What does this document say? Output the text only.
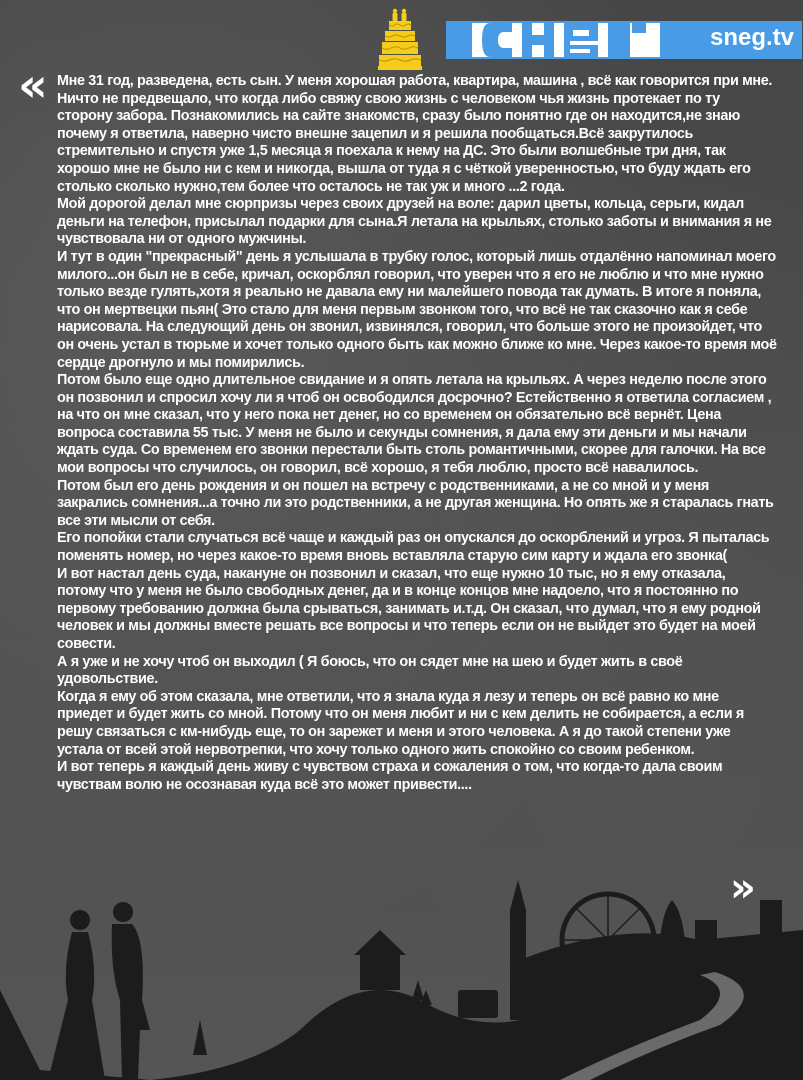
sneg.tv
« Мне 31 год, разведена, есть сын. У меня хорошая работа, квартира, машина , всё как говорится при мне.

Ничто не предвещало, что когда либо свяжу свою жизнь с человеком чья жизнь протекает по ту сторону забора. Познакомились на сайте знакомств, сразу было понятно где он находится,не знаю почему я ответила, наверно чисто внешне зацепил и я решила пообщаться.Всё закрутилось стремительно и спустя уже 1,5 месяца я поехала к нему на ДС. Это были волшебные три дня, так хорошо мне не было ни с кем и никогда, вышла от туда я с чёткой уверенностью, что буду ждать его столько сколько нужно,тем более что осталось не так уж и много ...2 года.

Мой дорогой делал мне сюрпризы через своих друзей на воле: дарил цветы, кольца, серьги, кидал деньги на телефон, присылал подарки для сына.Я летала на крыльях, столько заботы и внимания я не чувствовала ни от одного мужчины.

И тут в один "прекрасный" день я услышала в трубку голос, который лишь отдалённо напоминал моего милого...он был не в себе, кричал, оскорблял говорил, что уверен что я его не люблю и что мне нужно только везде гулять,хотя я реально не давала ему ни малейшего повода так думать. В итоге я поняла, что он мертвецки пьян( Это стало для меня первым звонком того, что всё не так сказочно как я себе нарисовала. На следующий день он звонил, извинялся, говорил, что больше этого не произойдет, что он очень устал в тюрьме и хочет только одного быть как можно ближе ко мне. Через какое-то время моё сердце дрогнуло и мы помирились.

Потом было еще одно длительное свидание и я опять летала на крыльях. А через неделю после этого он позвонил и спросил хочу ли я чтоб он освободился досрочно? Естейственно я ответила согласием , на что он мне сказал, что у него пока нет денег, но со временем он обязательно всё вернёт. Цена вопроса составила 55 тыс. У меня не было и секунды сомнения, я дала ему эти деньги и мы начали ждать суда. Со временем его звонки перестали быть столь романтичными, скорее для галочки. На все мои вопросы что случилось, он говорил, всё хорошо, я тебя люблю, просто всё навалилось.

Потом был его день рождения и он пошел на встречу с родственниками, а не со мной и у меня закрались сомнения...а точно ли это родственники, а не другая женщина. Но опять же я старалась гнать все эти мысли от себя.

Его попойки стали случаться всё чаще и каждый раз он опускался до оскорблений и угроз. Я пыталась поменять номер, но через какое-то время вновь вставляла старую сим карту и ждала его звонка(

И вот настал день суда, накануне он позвонил и сказал, что еще нужно 10 тыс, но я ему отказала, потому что у меня не было свободных денег, да и в конце концов мне надоело, что я постоянно по первому требованию должна была срываться, занимать и.т.д. Он сказал, что думал, что я ему родной человек и мы должны вместе решать все вопросы и что теперь если он не выйдет это будет на моей совести.

А я уже и не хочу чтоб он выходил ( Я боюсь, что он сядет мне на шею и будет жить в своё удовольствие.

Когда я ему об этом сказала, мне ответили, что я знала куда я лезу и теперь он всё равно ко мне приедет и будет жить со мной. Потому что он меня любит и ни с кем делить не собирается, а если я решу связаться с км-нибудь еще, то он зарежет и меня и этого человека. А я до такой степени уже устала от всей этой нервотрепки, что хочу только одного жить спокойно со своим ребенком.

И вот теперь я каждый день живу с чувством страха и сожаления о том, что когда-то дала своим чувствам волю не осознавая куда всё это может привести....

»
